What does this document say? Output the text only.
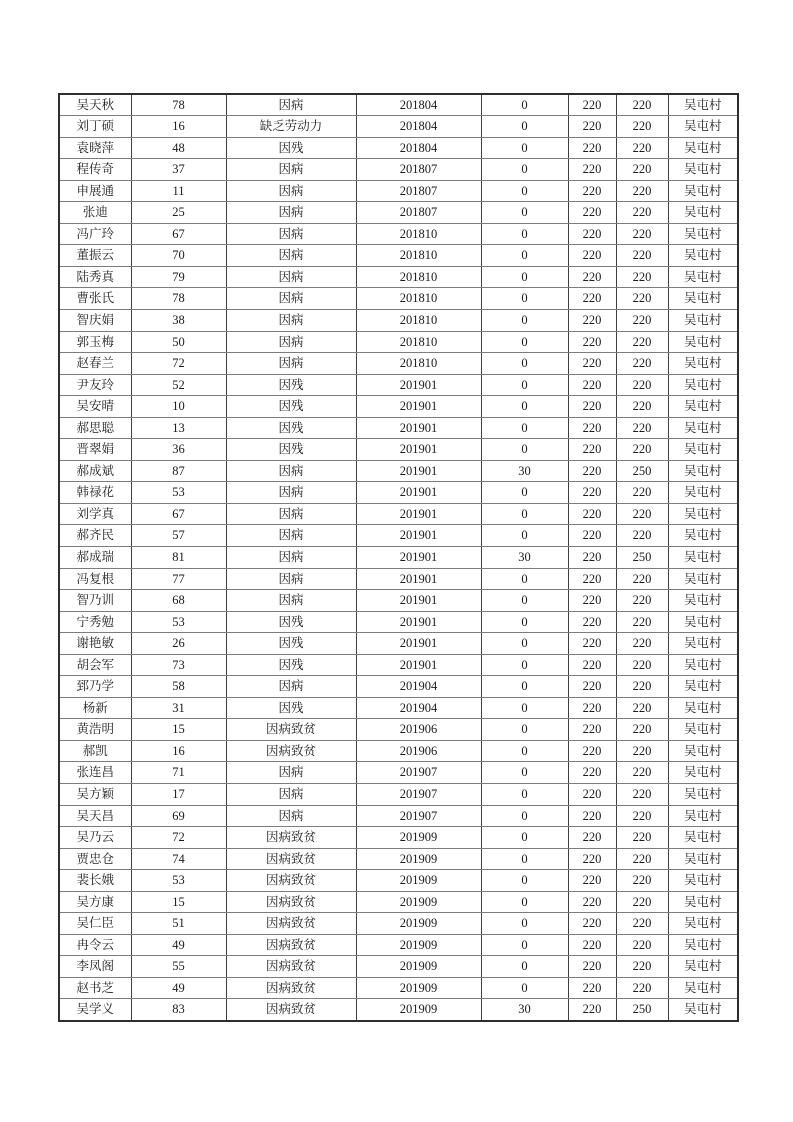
吴天秋	78	因病	201804	0	220	220	吴屯村
刘丁硕	16	缺乏劳动力	201804	0	220	220	吴屯村
袁晓萍	48	因残	201804	0	220	220	吴屯村
程传奇	37	因病	201807	0	220	220	吴屯村
申展通	11	因病	201807	0	220	220	吴屯村
张迪	25	因病	201807	0	220	220	吴屯村
冯广玲	67	因病	201810	0	220	220	吴屯村
董振云	70	因病	201810	0	220	220	吴屯村
陆秀真	79	因病	201810	0	220	220	吴屯村
曹张氏	78	因病	201810	0	220	220	吴屯村
智庆娟	38	因病	201810	0	220	220	吴屯村
郭玉梅	50	因病	201810	0	220	220	吴屯村
赵春兰	72	因病	201810	0	220	220	吴屯村
尹友玲	52	因残	201901	0	220	220	吴屯村
吴安晴	10	因残	201901	0	220	220	吴屯村
郝思聪	13	因残	201901	0	220	220	吴屯村
晋翠娟	36	因残	201901	0	220	220	吴屯村
郝成斌	87	因病	201901	30	220	250	吴屯村
韩禄花	53	因病	201901	0	220	220	吴屯村
刘学真	67	因病	201901	0	220	220	吴屯村
郝齐民	57	因病	201901	0	220	220	吴屯村
郝成瑞	81	因病	201901	30	220	250	吴屯村
冯复根	77	因病	201901	0	220	220	吴屯村
智乃训	68	因病	201901	0	220	220	吴屯村
宁秀勉	53	因残	201901	0	220	220	吴屯村
谢艳敏	26	因残	201901	0	220	220	吴屯村
胡会军	73	因残	201901	0	220	220	吴屯村
郅乃学	58	因病	201904	0	220	220	吴屯村
杨新	31	因残	201904	0	220	220	吴屯村
黄浩明	15	因病致贫	201906	0	220	220	吴屯村
郝凯	16	因病致贫	201906	0	220	220	吴屯村
张连昌	71	因病	201907	0	220	220	吴屯村
吴方颖	17	因病	201907	0	220	220	吴屯村
吴天昌	69	因病	201907	0	220	220	吴屯村
吴乃云	72	因病致贫	201909	0	220	220	吴屯村
贾忠仓	74	因病致贫	201909	0	220	220	吴屯村
裴长娥	53	因病致贫	201909	0	220	220	吴屯村
吴方康	15	因病致贫	201909	0	220	220	吴屯村
吴仁臣	51	因病致贫	201909	0	220	220	吴屯村
冉令云	49	因病致贫	201909	0	220	220	吴屯村
李凤阁	55	因病致贫	201909	0	220	220	吴屯村
赵书芝	49	因病致贫	201909	0	220	220	吴屯村
吴学义	83	因病致贫	201909	30	220	250	吴屯村
